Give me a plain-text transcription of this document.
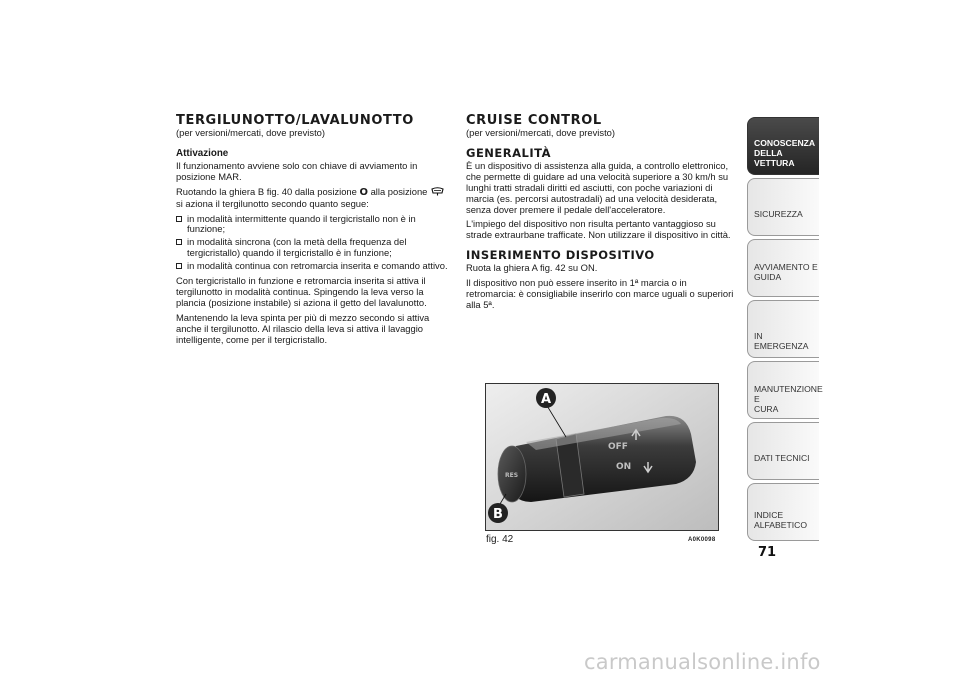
TERGILUNOTTO/LAVALUNOTTO
(per versioni/mercati, dove previsto)
Attivazione

Il funzionamento avviene solo con chiave di avviamento in posizione MAR.

Ruotando la ghiera B fig. 40 dalla posizione O alla posizione  si aziona il tergilunotto secondo quanto segue:

in modalità intermittente quando il tergicristallo non è in funzione;
in modalità sincrona (con la metà della frequenza del tergicristallo) quando il tergicristallo è in funzione;
in modalità continua con retromarcia inserita e comando attivo.

Con tergicristallo in funzione e retromarcia inserita si attiva il tergilunotto in modalità continua. Spingendo la leva verso la plancia (posizione instabile) si aziona il getto del lavalunotto.

Mantenendo la leva spinta per più di mezzo secondo si attiva anche il tergilunotto. Al rilascio della leva si attiva il lavaggio intelligente, come per il tergicristallo.

CRUISE CONTROL
(per versioni/mercati, dove previsto)
GENERALITÀ

È un dispositivo di assistenza alla guida, a controllo elettronico, che permette di guidare ad una velocità superiore a 30 km/h su lunghi tratti stradali diritti ed asciutti, con poche variazioni di marcia (es. percorsi autostradali) ad una velocità desiderata, senza dover premere il pedale dell'acceleratore.

L'impiego del dispositivo non risulta pertanto vantaggioso su strade extraurbane trafficate. Non utilizzare il dispositivo in città.

INSERIMENTO DISPOSITIVO

Ruota la ghiera A fig. 42 su ON.

Il dispositivo non può essere inserito in 1ª marcia o in retromarcia: è consigliabile inserirlo con marce uguali o superiori alla 5ª.

OFF
ON
RES
A
B
fig. 42	A0K0098
CONOSCENZA
DELLA VETTURA
SICUREZZA
AVVIAMENTO E
GUIDA
IN EMERGENZA
MANUTENZIONE E
CURA
DATI TECNICI
INDICE ALFABETICO
71
carmanualsonline.info
